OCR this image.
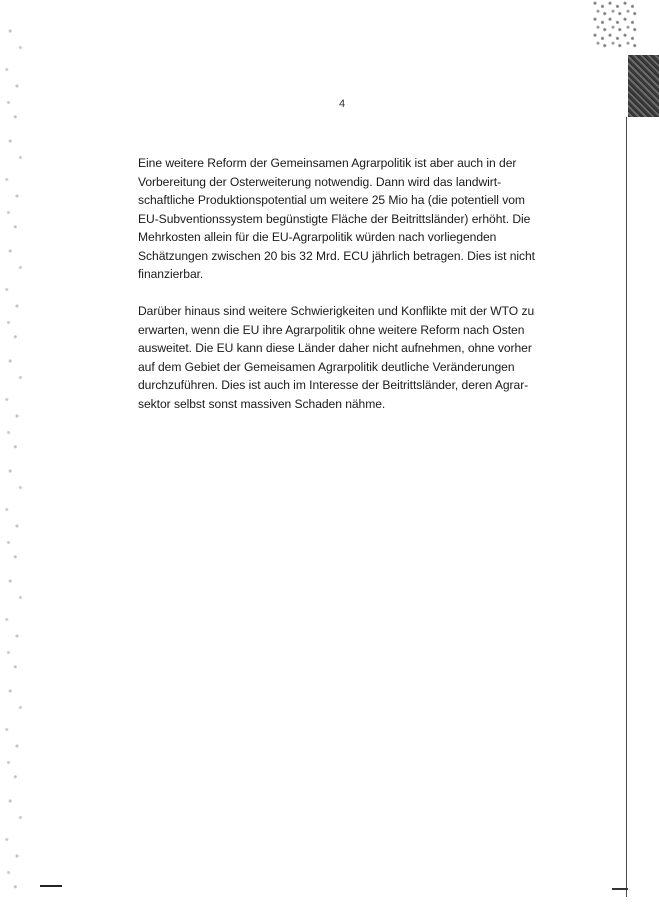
4

Eine weitere Reform der Gemeinsamen Agrarpolitik ist aber auch in der
Vorbereitung der Osterweiterung notwendig. Dann wird das landwirt-
schaftliche Produktionspotential um weitere 25 Mio ha (die potentiell vom
EU-Subventionssystem begünstigte Fläche der Beitrittsländer) erhöht. Die
Mehrkosten allein für die EU-Agrarpolitik würden nach vorliegenden
Schätzungen zwischen 20 bis 32 Mrd. ECU jährlich betragen. Dies ist nicht
finanzierbar.

Darüber hinaus sind weitere Schwierigkeiten und Konflikte mit der WTO zu
erwarten, wenn die EU ihre Agrarpolitik ohne weitere Reform nach Osten
ausweitet. Die EU kann diese Länder daher nicht aufnehmen, ohne vorher
auf dem Gebiet der Gemeisamen Agrarpolitik deutliche Veränderungen
durchzuführen. Dies ist auch im Interesse der Beitrittsländer, deren Agrar-
sektor selbst sonst massiven Schaden nähme.
